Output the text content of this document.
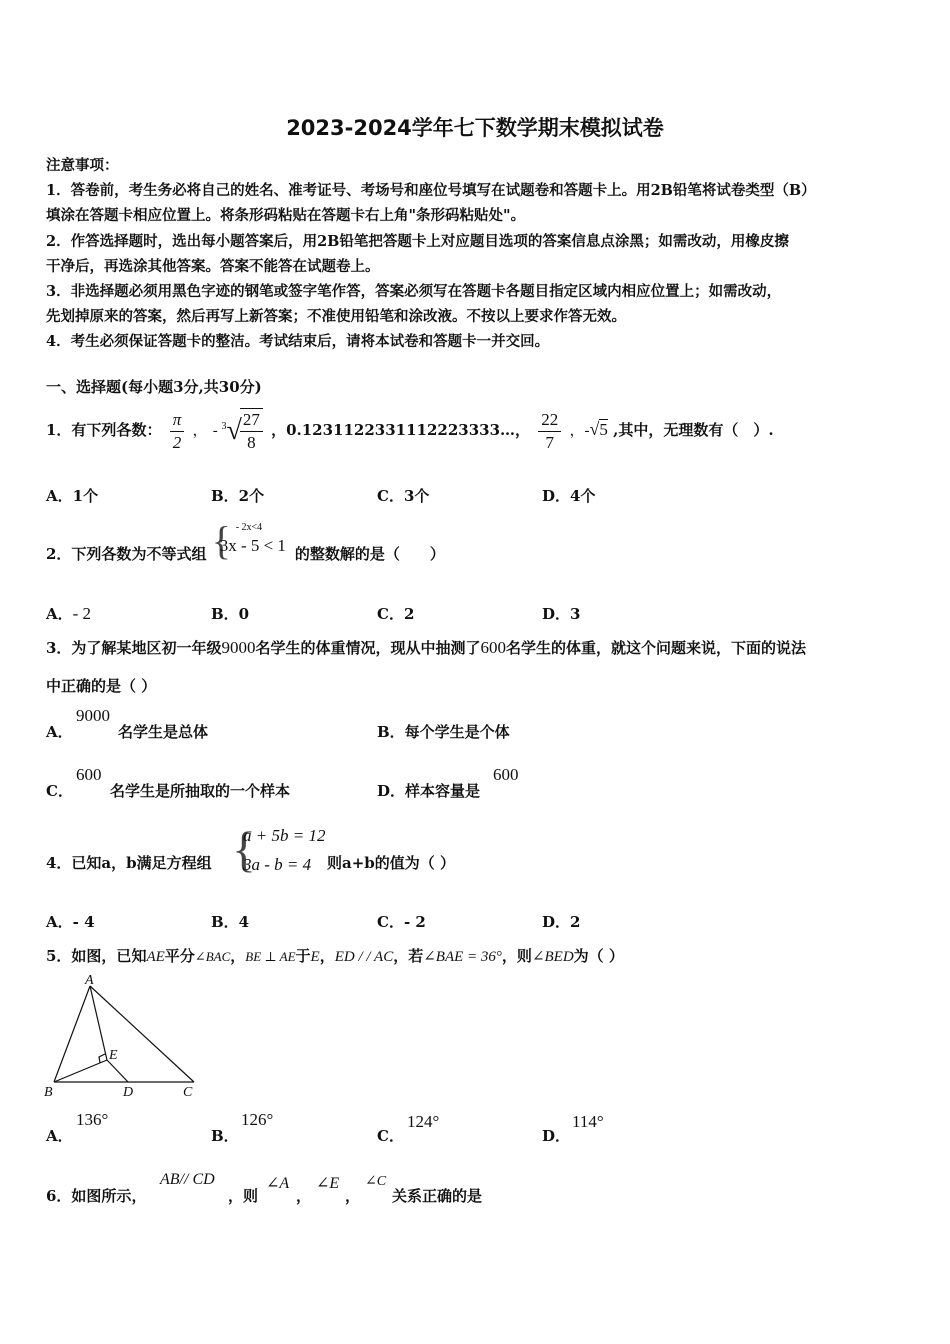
2023-2024学年七下数学期末模拟试卷

注意事项：

1．答卷前，考生务必将自己的姓名、准考证号、考场号和座位号填写在试题卷和答题卡上。用2B铅笔将试卷类型（B）

填涂在答题卡相应位置上。将条形码粘贴在答题卡右上角"条形码粘贴处"。

2．作答选择题时，选出每小题答案后，用2B铅笔把答题卡上对应题目选项的答案信息点涂黑；如需改动，用橡皮擦

干净后，再选涂其他答案。答案不能答在试题卷上。

3．非选择题必须用黑色字迹的钢笔或签字笔作答，答案必须写在答题卡各题目指定区域内相应位置上；如需改动，

先划掉原来的答案，然后再写上新答案；不准使用铅笔和涂改液。不按以上要求作答无效。

4．考生必须保证答题卡的整洁。考试结束后，请将本试卷和答题卡一并交回。

一、选择题(每小题3分,共30分)
1．有下列各数： $\frac{\pi}{2}$ ， - $^3$√
$\frac{27}{8}$ ，0.1231122331112223333…， $\frac{22}{7}$ ，-√5 ,其中，无理数有（　）.
A．1个	B．2个	C．3个	D．4个
2．下列各数为不等式组 { - 2x<4
3x - 5 < 1 的整数解的是（　　）
A．- 2	B．0	C．2	D．3
3．为了解某地区初一年级9000名学生的体重情况，现从中抽测了600名学生的体重，就这个问题来说，下面的说法
中正确的是（ ）
A．
9000
名学生是总体	B．每个学生是个体
C．
600
名学生是所抽取的一个样本	D．样本容量是
600
4．已知a，b满足方程组 {
a + 5b = 12
3a - b = 4 则a+b的值为（ ）
A．- 4	B．4	C．- 2	D．2
5．如图，已知AE平分∠BAC，BE ⊥ AE于E，ED / / AC，若∠BAE = 36°，则∠BED为（ ）
A
B	C
D
E
A．
136°
B．
126°
C．
124°
D．
114°
6．如图所示，
AB// CD
，则
∠A
，
∠E
，
∠C
关系正确的是
